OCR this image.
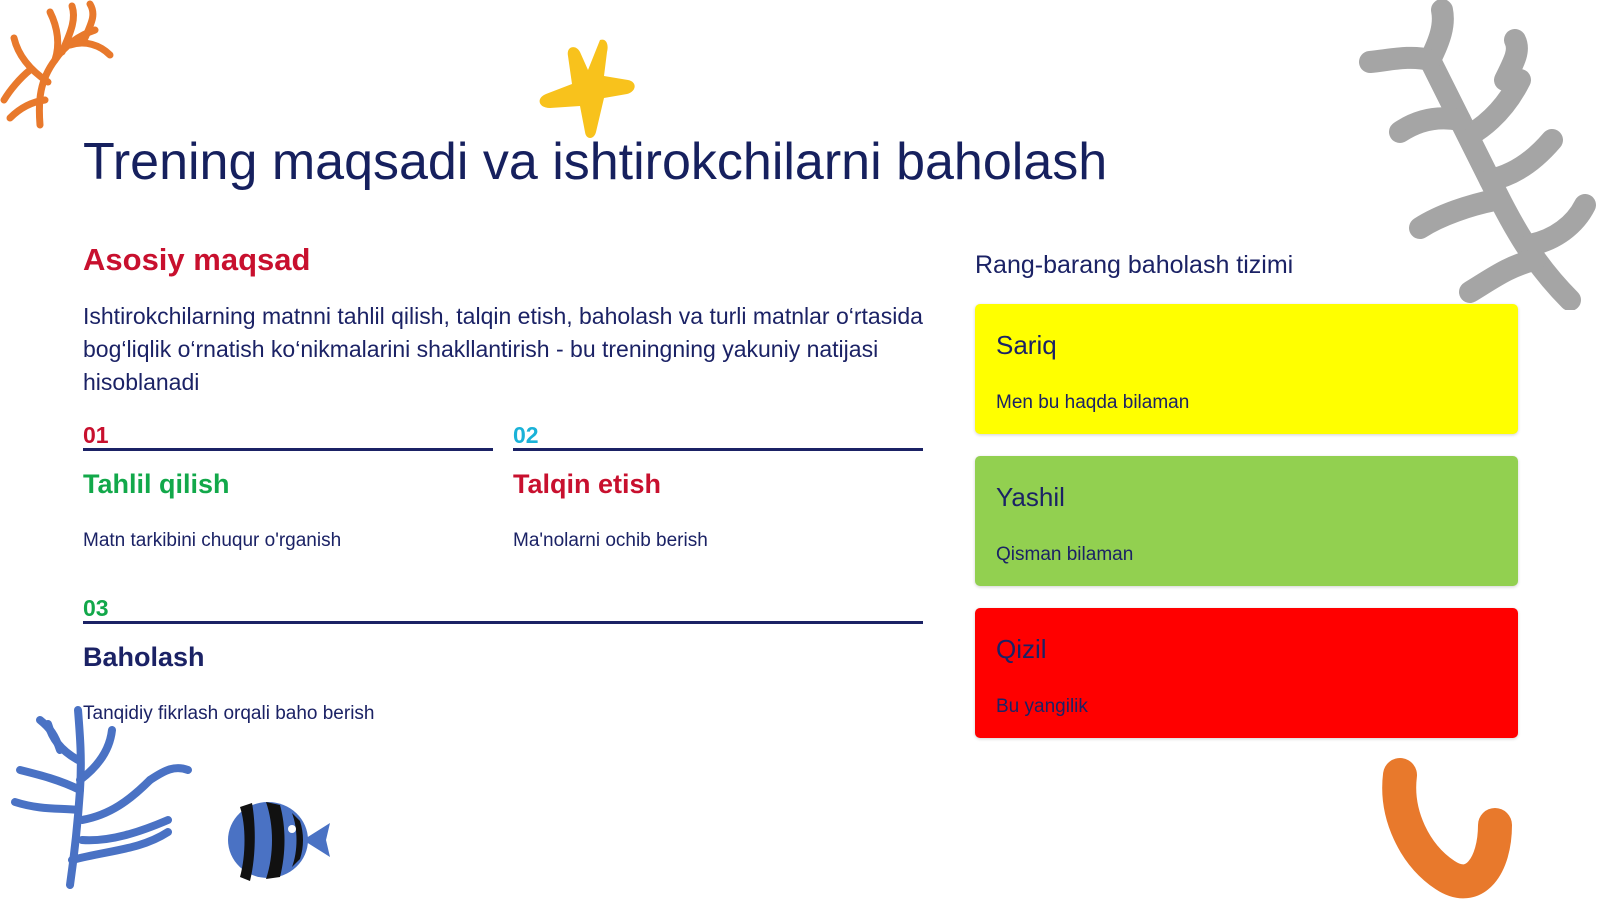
Trening maqsadi va ishtirokchilarni baholash
Asosiy maqsad
Ishtirokchilarning matnni tahlil qilish, talqin etish, baholash va turli matnlar o‘rtasida bog‘liqlik o‘rnatish ko‘nikmalarini shakllantirish - bu treningning yakuniy natijasi hisoblanadi
01
Tahlil qilish
Matn tarkibini chuqur o'rganish
02
Talqin etish
Ma'nolarni ochib berish
03
Baholash
Tanqidiy fikrlash orqali baho berish
Rang-barang baholash tizimi
Sariq
Men bu haqda bilaman
Yashil
Qisman bilaman
Qizil
Bu yangilik
